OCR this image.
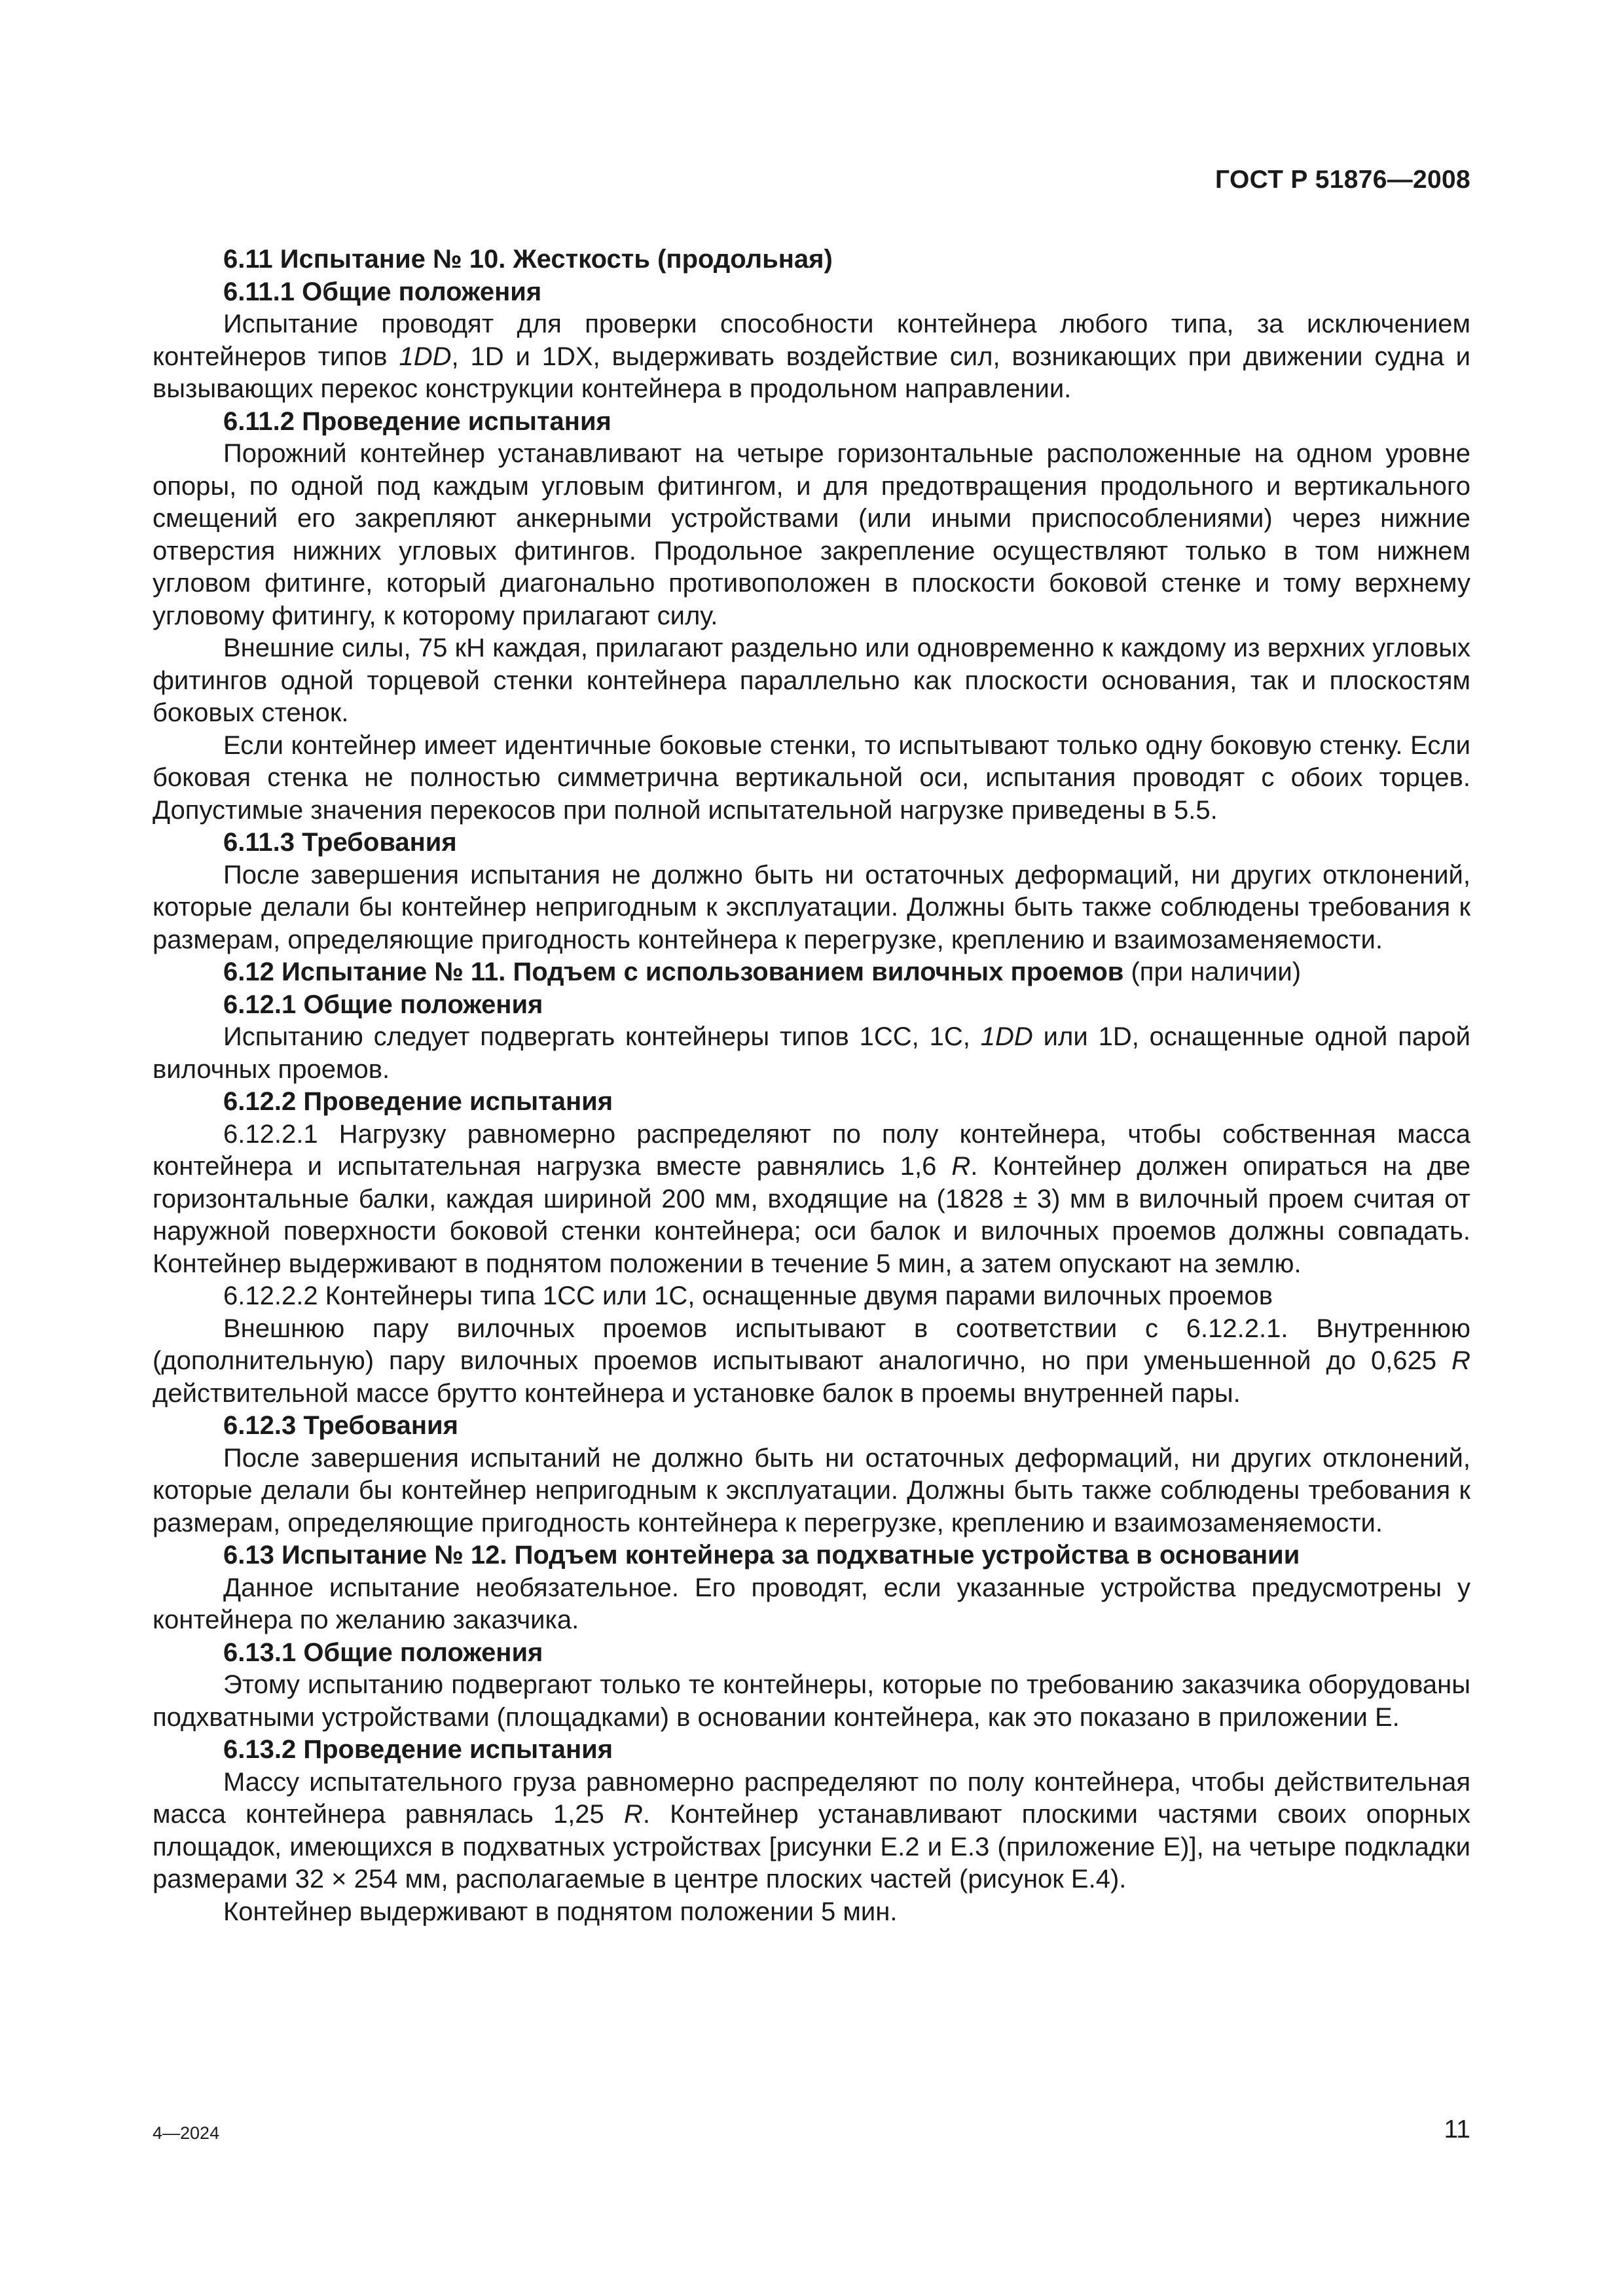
ГОСТ Р 51876—2008

6.11 Испытание № 10. Жесткость (продольная)

6.11.1 Общие положения

Испытание проводят для проверки способности контейнера любого типа, за исключением контейнеров типов 1DD, 1D и 1DX, выдерживать воздействие сил, возникающих при движении судна и вызывающих перекос конструкции контейнера в продольном направлении.

6.11.2 Проведение испытания

Порожний контейнер устанавливают на четыре горизонтальные расположенные на одном уровне опоры, по одной под каждым угловым фитингом, и для предотвращения продольного и вертикального смещений его закрепляют анкерными устройствами (или иными приспособлениями) через нижние отверстия нижних угловых фитингов. Продольное закрепление осуществляют только в том нижнем угловом фитинге, который диагонально противоположен в плоскости боковой стенке и тому верхнему угловому фитингу, к которому прилагают силу.

Внешние силы, 75 кН каждая, прилагают раздельно или одновременно к каждому из верхних угловых фитингов одной торцевой стенки контейнера параллельно как плоскости основания, так и плоскостям боковых стенок.

Если контейнер имеет идентичные боковые стенки, то испытывают только одну боковую стенку. Если боковая стенка не полностью симметрична вертикальной оси, испытания проводят с обоих торцев. Допустимые значения перекосов при полной испытательной нагрузке приведены в 5.5.

6.11.3 Требования

После завершения испытания не должно быть ни остаточных деформаций, ни других отклонений, которые делали бы контейнер непригодным к эксплуатации. Должны быть также соблюдены требования к размерам, определяющие пригодность контейнера к перегрузке, креплению и взаимозаменяемости.

6.12 Испытание № 11. Подъем с использованием вилочных проемов (при наличии)

6.12.1 Общие положения

Испытанию следует подвергать контейнеры типов 1СС, 1С, 1DD или 1D, оснащенные одной парой вилочных проемов.

6.12.2 Проведение испытания

6.12.2.1 Нагрузку равномерно распределяют по полу контейнера, чтобы собственная масса контейнера и испытательная нагрузка вместе равнялись 1,6 R. Контейнер должен опираться на две горизонтальные балки, каждая шириной 200 мм, входящие на (1828 ± 3) мм в вилочный проем считая от наружной поверхности боковой стенки контейнера; оси балок и вилочных проемов должны совпадать. Контейнер выдерживают в поднятом положении в течение 5 мин, а затем опускают на землю.

6.12.2.2 Контейнеры типа 1СС или 1С, оснащенные двумя парами вилочных проемов

Внешнюю пару вилочных проемов испытывают в соответствии с 6.12.2.1. Внутреннюю (дополнительную) пару вилочных проемов испытывают аналогично, но при уменьшенной до 0,625 R действительной массе брутто контейнера и установке балок в проемы внутренней пары.

6.12.3 Требования

После завершения испытаний не должно быть ни остаточных деформаций, ни других отклонений, которые делали бы контейнер непригодным к эксплуатации. Должны быть также соблюдены требования к размерам, определяющие пригодность контейнера к перегрузке, креплению и взаимозаменяемости.

6.13 Испытание № 12. Подъем контейнера за подхватные устройства в основании

Данное испытание необязательное. Его проводят, если указанные устройства предусмотрены у контейнера по желанию заказчика.

6.13.1 Общие положения

Этому испытанию подвергают только те контейнеры, которые по требованию заказчика оборудованы подхватными устройствами (площадками) в основании контейнера, как это показано в приложении Е.

6.13.2 Проведение испытания

Массу испытательного груза равномерно распределяют по полу контейнера, чтобы действительная масса контейнера равнялась 1,25 R. Контейнер устанавливают плоскими частями своих опорных площадок, имеющихся в подхватных устройствах [рисунки Е.2 и Е.3 (приложение Е)], на четыре подкладки размерами 32 × 254 мм, располагаемые в центре плоских частей (рисунок Е.4).

Контейнер выдерживают в поднятом положении 5 мин.

4—2024	11
